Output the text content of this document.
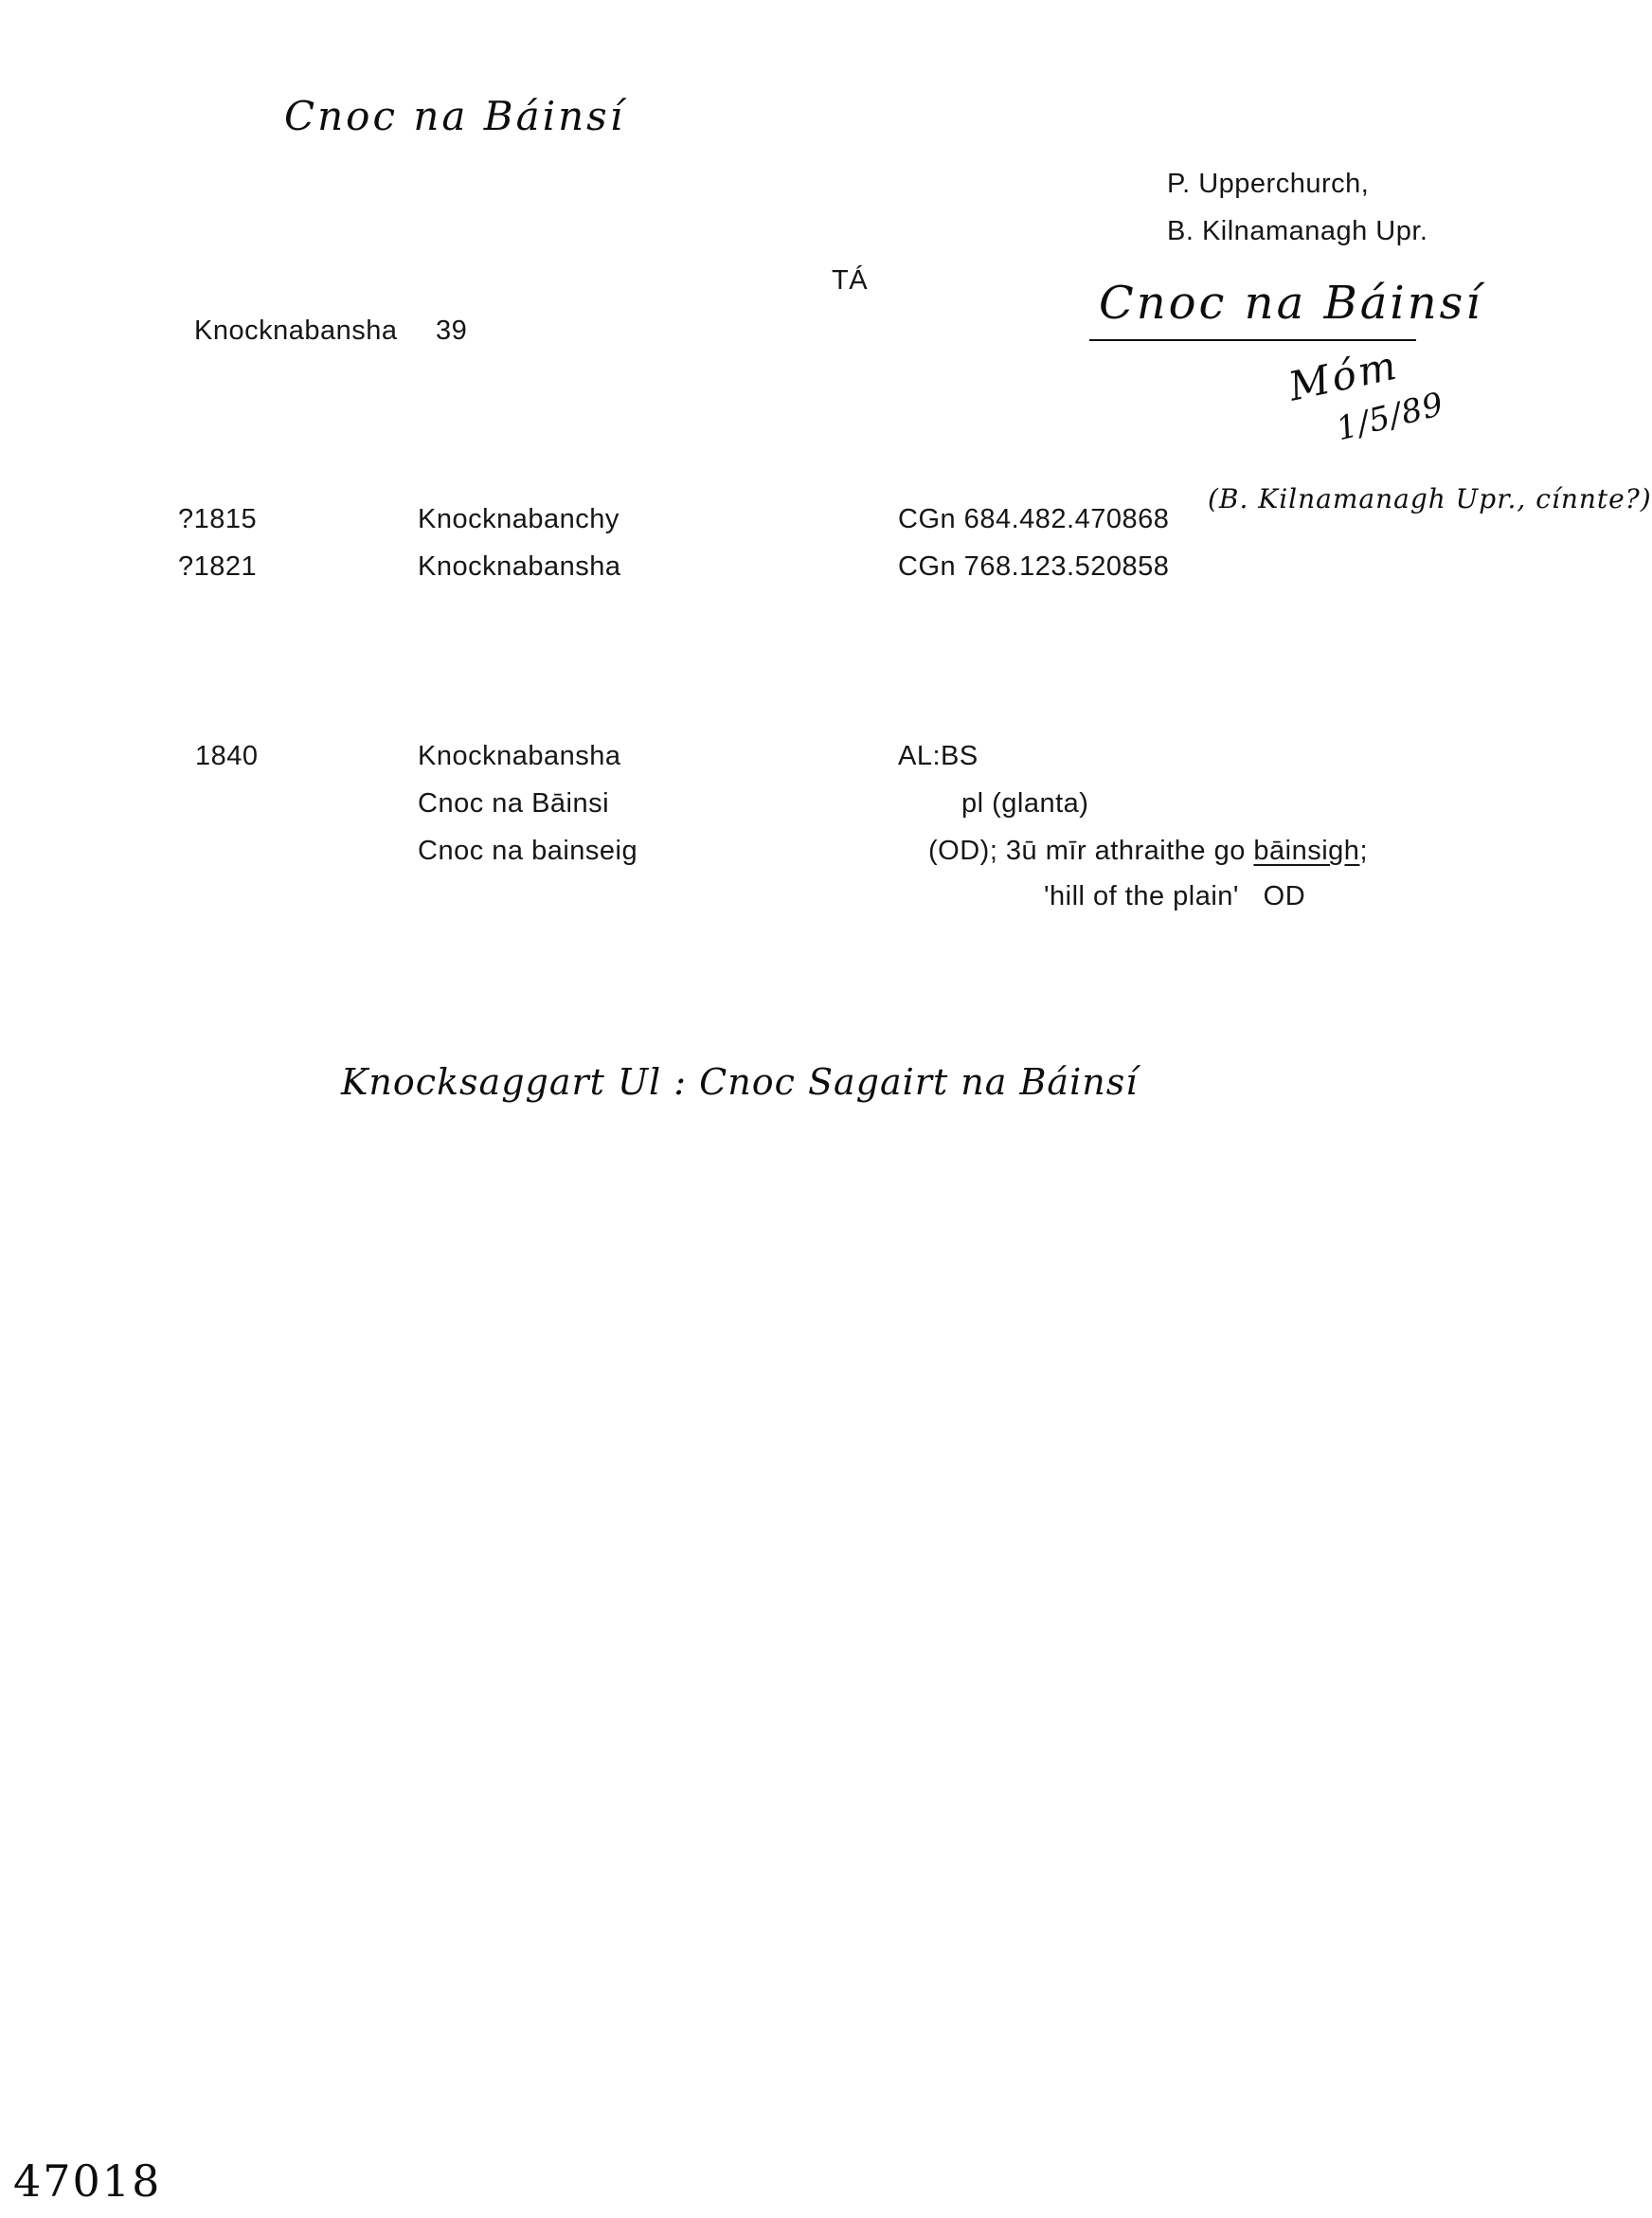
Cnoc na Báinsí
Cnoc na Báinsí
Móm
1/5/89
(B. Kilnamanagh Upr., cínnte?)
Knocksaggart Ul : Cnoc Sagairt na Báinsí
47018
P. Upperchurch,
B. Kilnamanagh Upr.
TÁ
Knocknabansha 39
?1815	Knocknabanchy	CGn 684.482.470868
?1821	Knocknabansha	CGn 768.123.520858
1840	Knocknabansha	AL:BS
Cnoc na Bāinsi	pl (glanta)
Cnoc na bainseig	(OD); 3ū mīr athraithe go bāinsigh;
'hill of the plain'   OD
